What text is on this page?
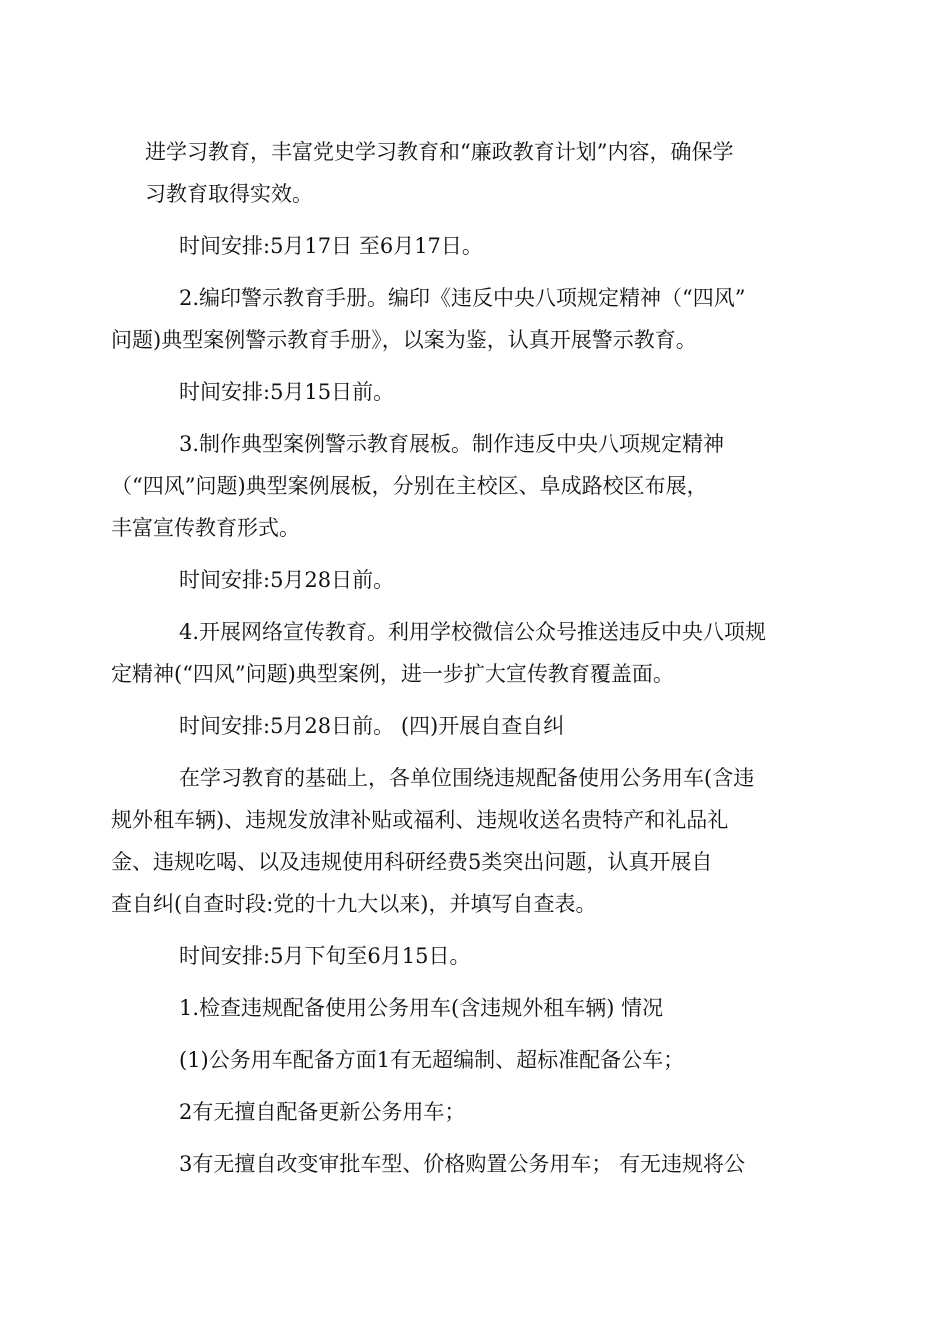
进学习教育，丰富党史学习教育和“廉政教育计划”内容，确保学
习教育取得实效。

时间安排:5月17日 至6月17日。

2.编印警示教育手册。编印《违反中央八项规定精神（“四风”
问题)典型案例警示教育手册》，以案为鉴，认真开展警示教育。

时间安排:5月15日前。

3.制作典型案例警示教育展板。制作违反中央八项规定精神
（“四风”问题)典型案例展板，分别在主校区、阜成路校区布展，
丰富宣传教育形式。

时间安排:5月28日前。

4.开展网络宣传教育。利用学校微信公众号推送违反中央八项规
定精神(“四风”问题)典型案例，进一步扩大宣传教育覆盖面。

时间安排:5月28日前。 (四)开展自查自纠

在学习教育的基础上，各单位围绕违规配备使用公务用车(含违
规外租车辆)、违规发放津补贴或福利、违规收送名贵特产和礼品礼
金、违规吃喝、以及违规使用科研经费5类突出问题，认真开展自
查自纠(自查时段:党的十九大以来)，并填写自查表。

时间安排:5月下旬至6月15日。

1.检查违规配备使用公务用车(含违规外租车辆) 情况

(1)公务用车配备方面1有无超编制、超标准配备公车；

2有无擅自配备更新公务用车；

3有无擅自改变审批车型、价格购置公务用车； 有无违规将公
